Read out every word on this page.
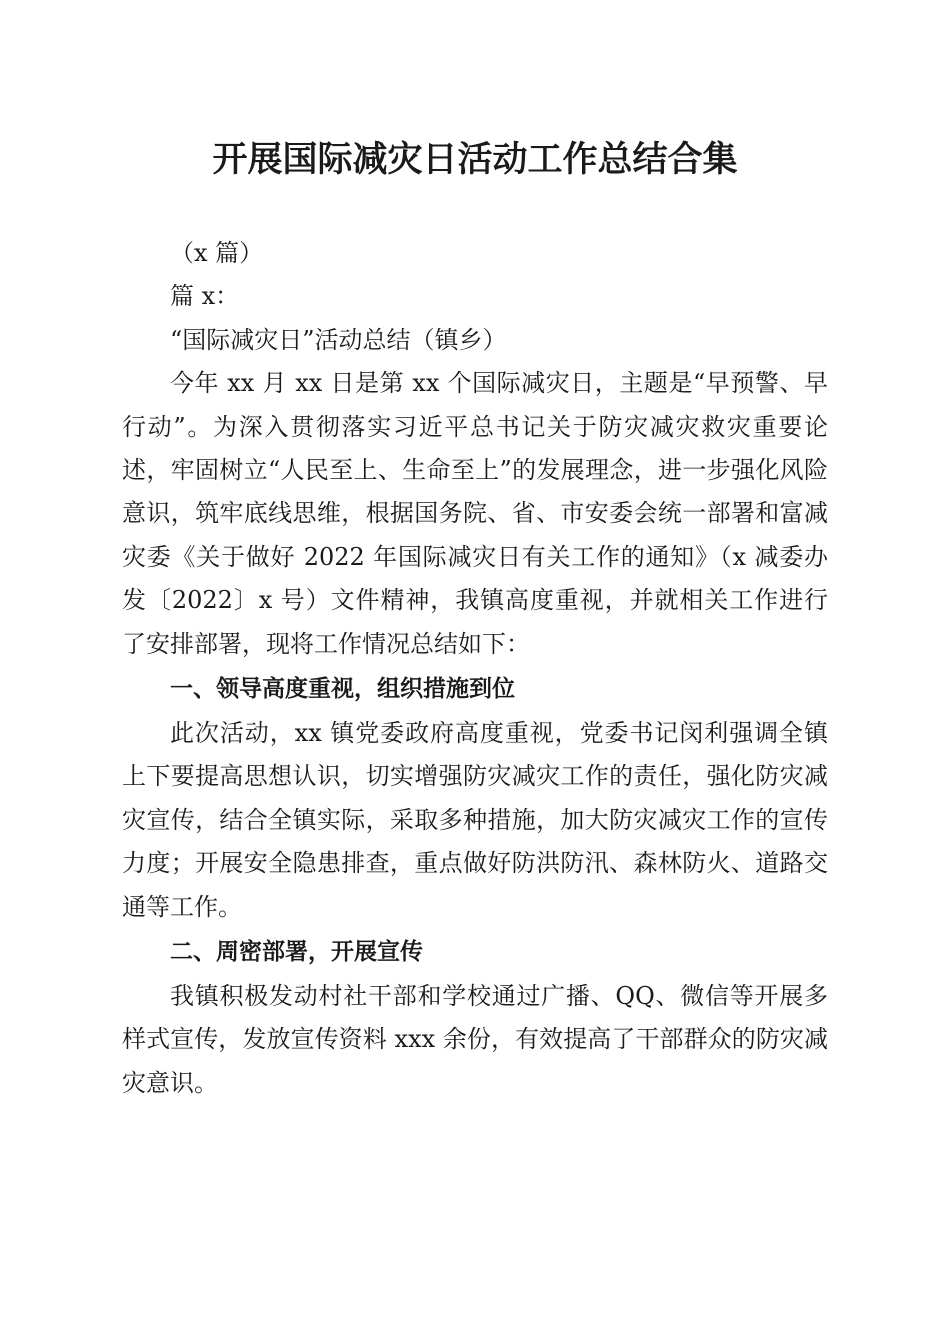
开展国际减灾日活动工作总结合集
（x 篇）
篇 x：
“国际减灾日”活动总结（镇乡）

今年 xx 月 xx 日是第 xx 个国际减灾日，主题是“早预警、早行动”。为深入贯彻落实习近平总书记关于防灾减灾救灾重要论述，牢固树立“人民至上、生命至上”的发展理念，进一步强化风险意识，筑牢底线思维，根据国务院、省、市安委会统一部署和富减灾委《关于做好 2022 年国际减灾日有关工作的通知》（x 减委办发〔2022〕x 号）文件精神，我镇高度重视，并就相关工作进行了安排部署，现将工作情况总结如下：

一、领导高度重视，组织措施到位

此次活动，xx 镇党委政府高度重视，党委书记闵利强调全镇上下要提高思想认识，切实增强防灾减灾工作的责任，强化防灾减灾宣传，结合全镇实际，采取多种措施，加大防灾减灾工作的宣传力度；开展安全隐患排查，重点做好防洪防汛、森林防火、道路交通等工作。

二、周密部署，开展宣传

我镇积极发动村社干部和学校通过广播、QQ、微信等开展多样式宣传，发放宣传资料 xxx 余份，有效提高了干部群众的防灾减灾意识。
